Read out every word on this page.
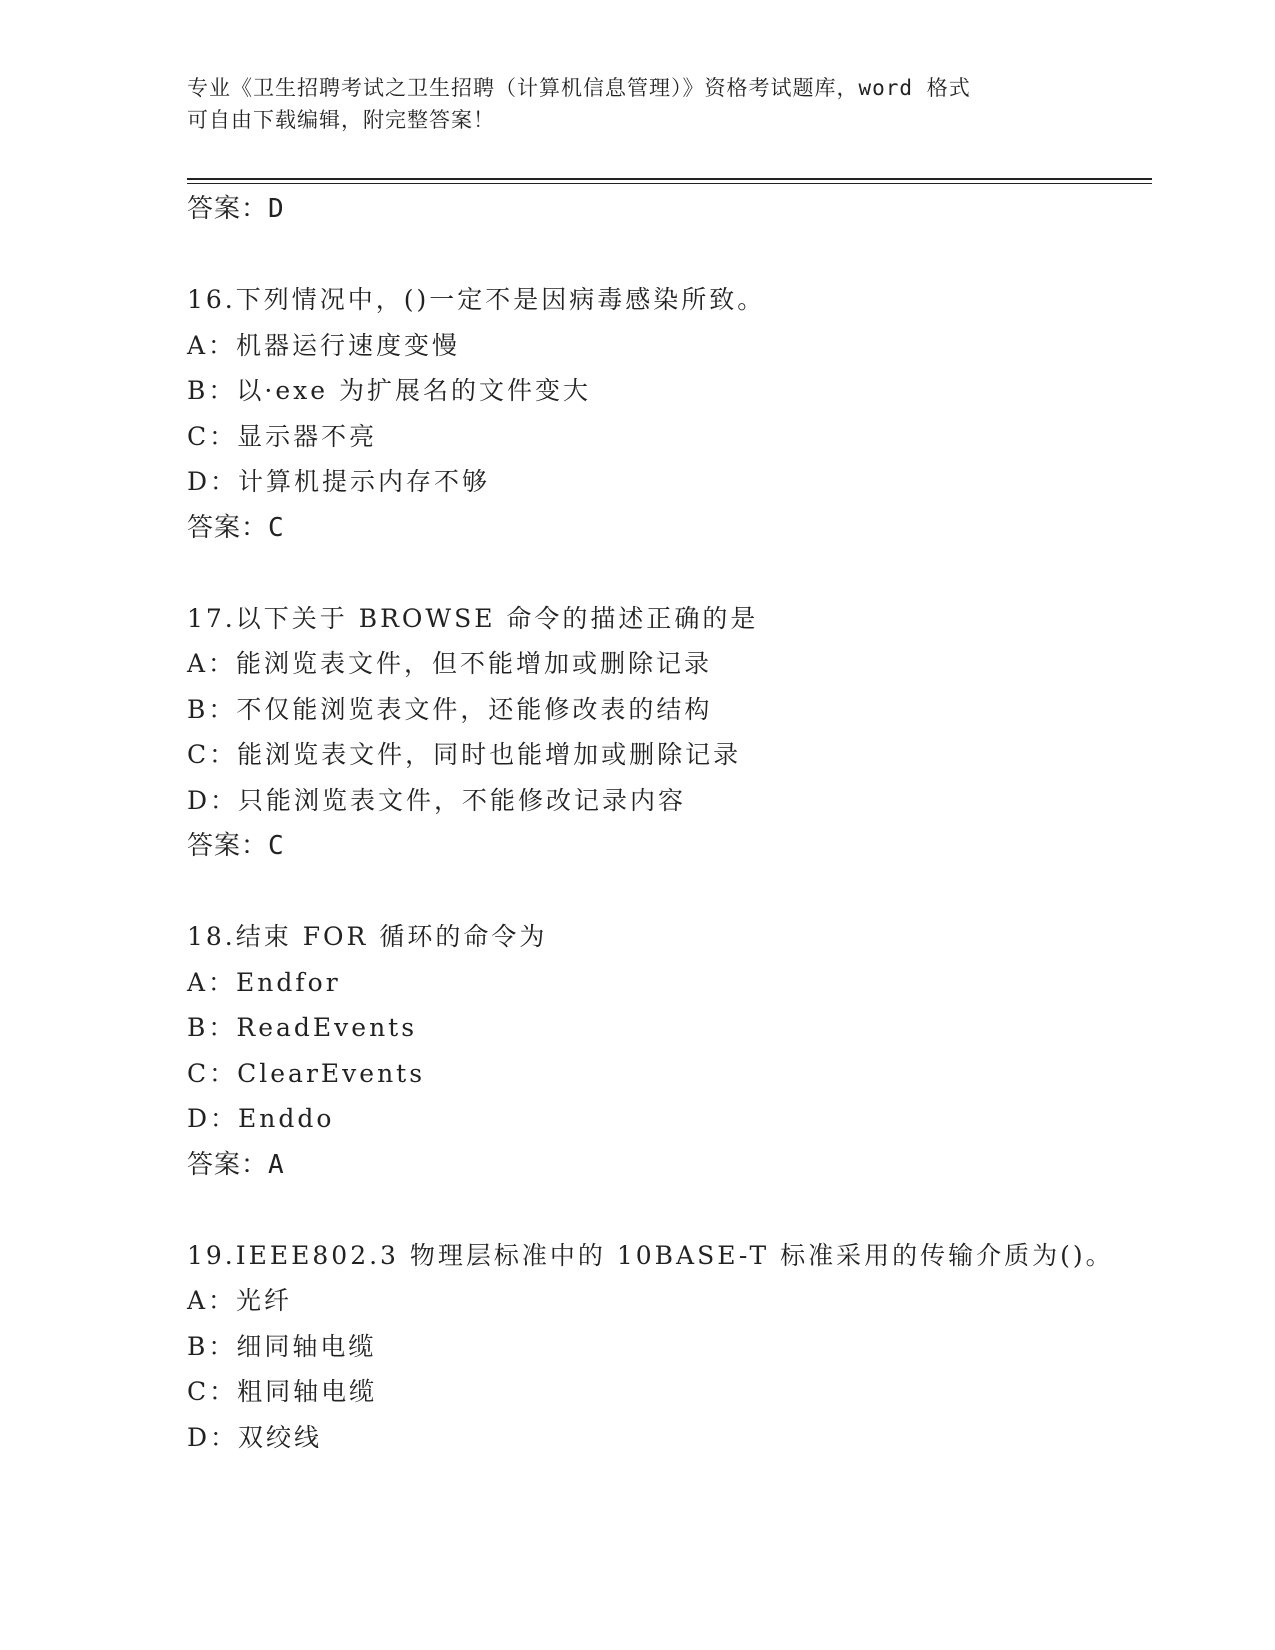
专业《卫生招聘考试之卫生招聘（计算机信息管理）》资格考试题库，word 格式
可自由下载编辑，附完整答案！
答案：D
16.下列情况中，()一定不是因病毒感染所致。
A：机器运行速度变慢
B：以·exe 为扩展名的文件变大
C：显示器不亮
D：计算机提示内存不够
答案：C
17.以下关于 BROWSE 命令的描述正确的是
A：能浏览表文件，但不能增加或删除记录
B：不仅能浏览表文件，还能修改表的结构
C：能浏览表文件，同时也能增加或删除记录
D：只能浏览表文件，不能修改记录内容
答案：C
18.结束 FOR 循环的命令为
A：Endfor
B：ReadEvents
C：ClearEvents
D：Enddo
答案：A
19.IEEE802.3 物理层标准中的 10BASE-T 标准采用的传输介质为()。
A：光纤
B：细同轴电缆
C：粗同轴电缆
D：双绞线
